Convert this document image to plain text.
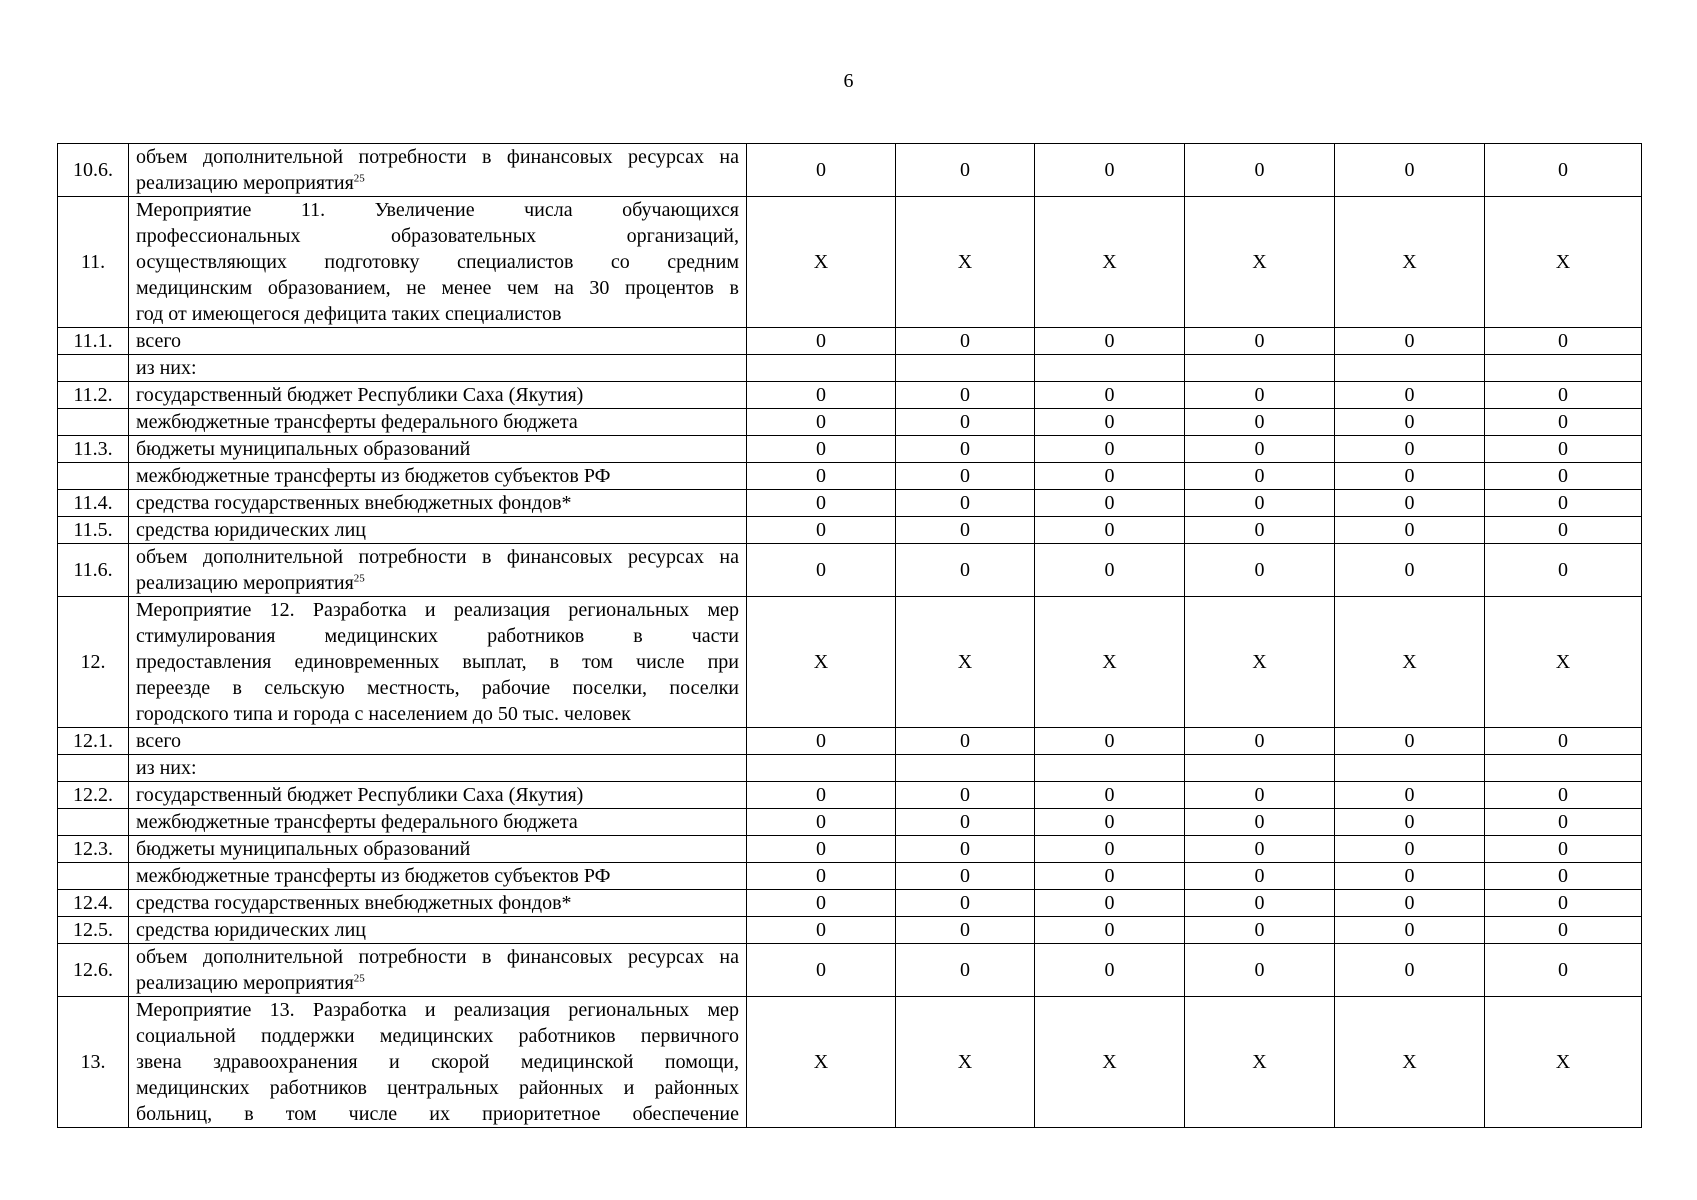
6
10.6.	объем дополнительной потребности в финансовых ресурсах на
реализацию мероприятия$^{25}$	0	0	0	0	0	0
11.	Мероприятие 11. Увеличение числа обучающихся
профессиональных образовательных организаций,
осуществляющих подготовку специалистов со средним
медицинским образованием, не менее чем на 30 процентов в
год от имеющегося дефицита таких специалистов	X	X	X	X	X	X
11.1.	всего	0	0	0	0	0	0

	из них:						

11.2.	государственный бюджет Республики Саха (Якутия)	0	0	0	0	0	0

	межбюджетные трансферты федерального бюджета	0	0	0	0	0	0
11.3.	бюджеты муниципальных образований	0	0	0	0	0	0

	межбюджетные трансферты из бюджетов субъектов РФ	0	0	0	0	0	0
11.4.	средства государственных внебюджетных фондов*	0	0	0	0	0	0
11.5.	средства юридических лиц	0	0	0	0	0	0
11.6.	объем дополнительной потребности в финансовых ресурсах на
реализацию мероприятия$^{25}$	0	0	0	0	0	0
12.	Мероприятие 12. Разработка и реализация региональных мер
стимулирования медицинских работников в части
предоставления единовременных выплат, в том числе при
переезде в сельскую местность, рабочие поселки, поселки
городского типа и города с населением до 50 тыс. человек	X	X	X	X	X	X
12.1.	всего	0	0	0	0	0	0

	из них:						

12.2.	государственный бюджет Республики Саха (Якутия)	0	0	0	0	0	0

	межбюджетные трансферты федерального бюджета	0	0	0	0	0	0
12.3.	бюджеты муниципальных образований	0	0	0	0	0	0

	межбюджетные трансферты из бюджетов субъектов РФ	0	0	0	0	0	0
12.4.	средства государственных внебюджетных фондов*	0	0	0	0	0	0
12.5.	средства юридических лиц	0	0	0	0	0	0
12.6.	объем дополнительной потребности в финансовых ресурсах на
реализацию мероприятия$^{25}$	0	0	0	0	0	0
13.	Мероприятие 13. Разработка и реализация региональных мер
социальной поддержки медицинских работников первичного
звена здравоохранения и скорой медицинской помощи,
медицинских работников центральных районных и районных
больниц, в том числе их приоритетное обеспечение	X	X	X	X	X	X
